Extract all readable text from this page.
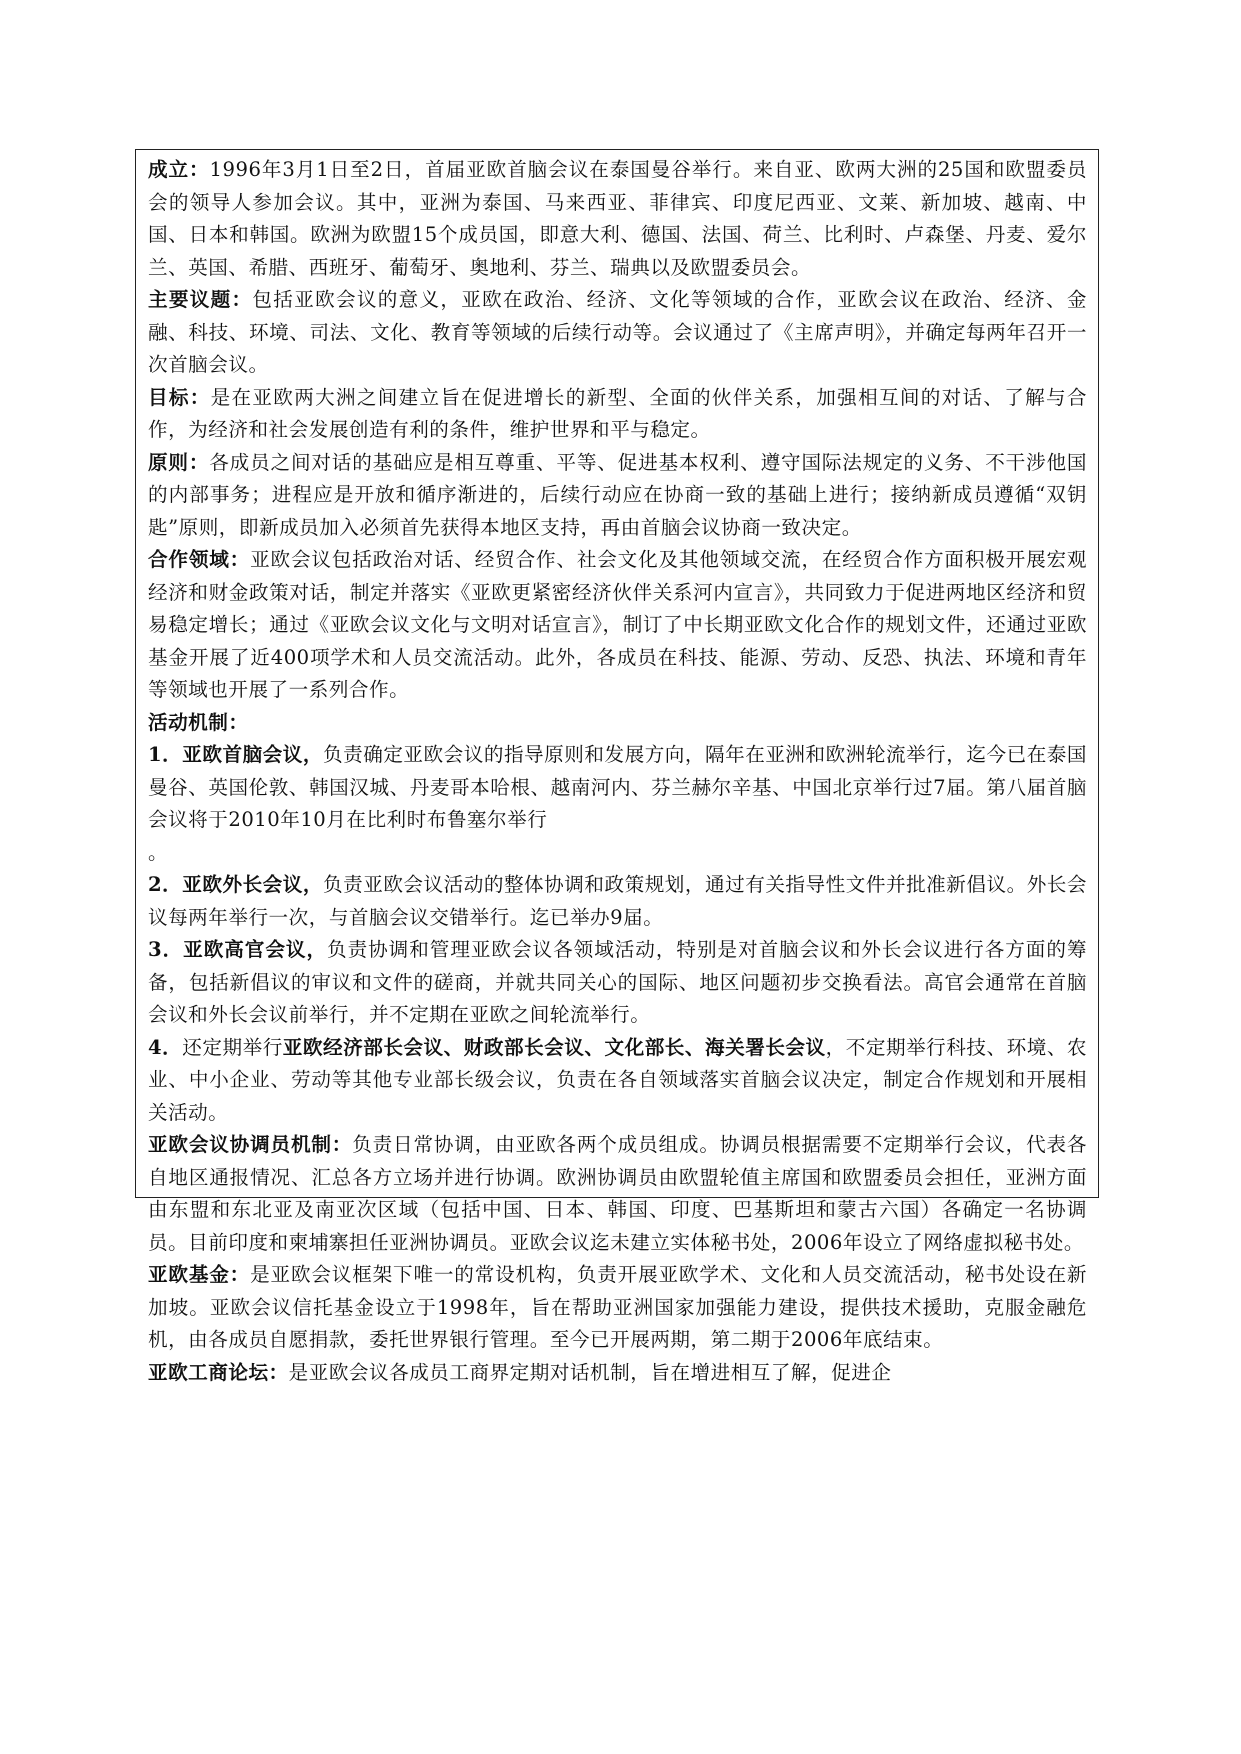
成立：1996年3月1日至2日，首届亚欧首脑会议在泰国曼谷举行。来自亚、欧两大洲的25国和欧盟委员会的领导人参加会议。其中，亚洲为泰国、马来西亚、菲律宾、印度尼西亚、文莱、新加坡、越南、中国、日本和韩国。欧洲为欧盟15个成员国，即意大利、德国、法国、荷兰、比利时、卢森堡、丹麦、爱尔兰、英国、希腊、西班牙、葡萄牙、奥地利、芬兰、瑞典以及欧盟委员会。

主要议题：包括亚欧会议的意义，亚欧在政治、经济、文化等领域的合作，亚欧会议在政治、经济、金融、科技、环境、司法、文化、教育等领域的后续行动等。会议通过了《主席声明》，并确定每两年召开一次首脑会议。

目标：是在亚欧两大洲之间建立旨在促进增长的新型、全面的伙伴关系，加强相互间的对话、了解与合作，为经济和社会发展创造有利的条件，维护世界和平与稳定。

原则：各成员之间对话的基础应是相互尊重、平等、促进基本权利、遵守国际法规定的义务、不干涉他国的内部事务；进程应是开放和循序渐进的，后续行动应在协商一致的基础上进行；接纳新成员遵循“双钥匙”原则，即新成员加入必须首先获得本地区支持，再由首脑会议协商一致决定。

合作领域：亚欧会议包括政治对话、经贸合作、社会文化及其他领域交流，在经贸合作方面积极开展宏观经济和财金政策对话，制定并落实《亚欧更紧密经济伙伴关系河内宣言》，共同致力于促进两地区经济和贸易稳定增长；通过《亚欧会议文化与文明对话宣言》，制订了中长期亚欧文化合作的规划文件，还通过亚欧基金开展了近400项学术和人员交流活动。此外，各成员在科技、能源、劳动、反恐、执法、环境和青年等领域也开展了一系列合作。

活动机制：

1．亚欧首脑会议，负责确定亚欧会议的指导原则和发展方向，隔年在亚洲和欧洲轮流举行，迄今已在泰国曼谷、英国伦敦、韩国汉城、丹麦哥本哈根、越南河内、芬兰赫尔辛基、中国北京举行过7届。第八届首脑会议将于2010年10月在比利时布鲁塞尔举行
。

2．亚欧外长会议，负责亚欧会议活动的整体协调和政策规划，通过有关指导性文件并批准新倡议。外长会议每两年举行一次，与首脑会议交错举行。迄已举办9届。

3．亚欧高官会议，负责协调和管理亚欧会议各领域活动，特别是对首脑会议和外长会议进行各方面的筹备，包括新倡议的审议和文件的磋商，并就共同关心的国际、地区问题初步交换看法。高官会通常在首脑会议和外长会议前举行，并不定期在亚欧之间轮流举行。

4．还定期举行亚欧经济部长会议、财政部长会议、文化部长、海关署长会议，不定期举行科技、环境、农业、中小企业、劳动等其他专业部长级会议，负责在各自领域落实首脑会议决定，制定合作规划和开展相关活动。

亚欧会议协调员机制：负责日常协调，由亚欧各两个成员组成。协调员根据需要不定期举行会议，代表各自地区通报情况、汇总各方立场并进行协调。欧洲协调员由欧盟轮值主席国和欧盟委员会担任，亚洲方面由东盟和东北亚及南亚次区域（包括中国、日本、韩国、印度、巴基斯坦和蒙古六国）各确定一名协调员。目前印度和柬埔寨担任亚洲协调员。亚欧会议迄未建立实体秘书处，2006年设立了网络虚拟秘书处。

亚欧基金：是亚欧会议框架下唯一的常设机构，负责开展亚欧学术、文化和人员交流活动，秘书处设在新加坡。亚欧会议信托基金设立于1998年，旨在帮助亚洲国家加强能力建设，提供技术援助，克服金融危机，由各成员自愿捐款，委托世界银行管理。至今已开展两期，第二期于2006年底结束。

亚欧工商论坛：是亚欧会议各成员工商界定期对话机制，旨在增进相互了解，促进企
